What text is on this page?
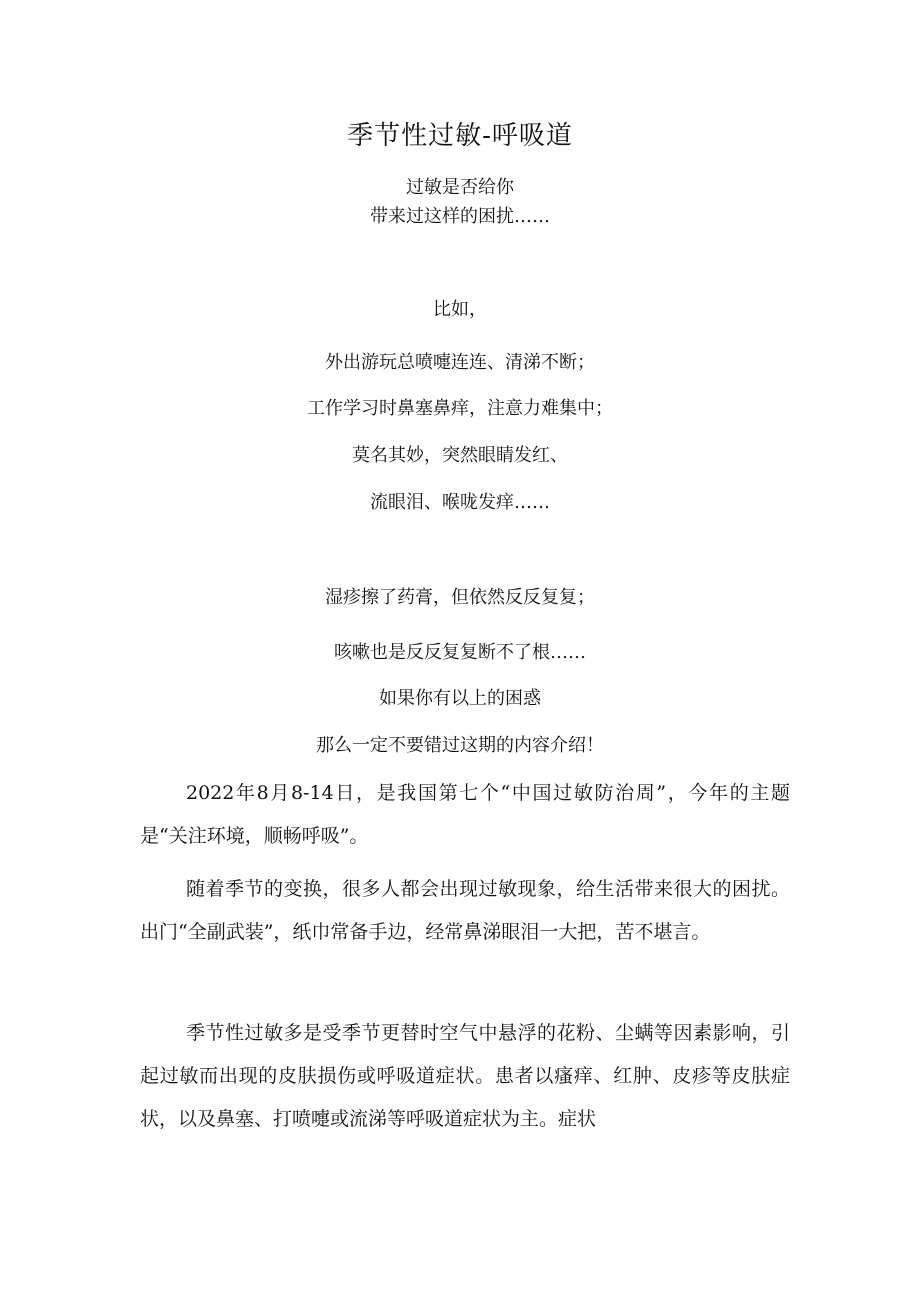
季节性过敏-呼吸道
过敏是否给你
带来过这样的困扰……
比如，
外出游玩总喷嚏连连、清涕不断；
工作学习时鼻塞鼻痒，注意力难集中；
莫名其妙，突然眼睛发红、
流眼泪、喉咙发痒……
湿疹擦了药膏，但依然反反复复；
咳嗽也是反反复复断不了根……
如果你有以上的困惑
那么一定不要错过这期的内容介绍！
2022年8月8-14日，是我国第七个“中国过敏防治周”，今年的主题是“关注环境，顺畅呼吸”。
随着季节的变换，很多人都会出现过敏现象，给生活带来很大的困扰。出门“全副武装”，纸巾常备手边，经常鼻涕眼泪一大把，苦不堪言。
季节性过敏多是受季节更替时空气中悬浮的花粉、尘螨等因素影响，引起过敏而出现的皮肤损伤或呼吸道症状。患者以瘙痒、红肿、皮疹等皮肤症状，以及鼻塞、打喷嚏或流涕等呼吸道症状为主。症状
